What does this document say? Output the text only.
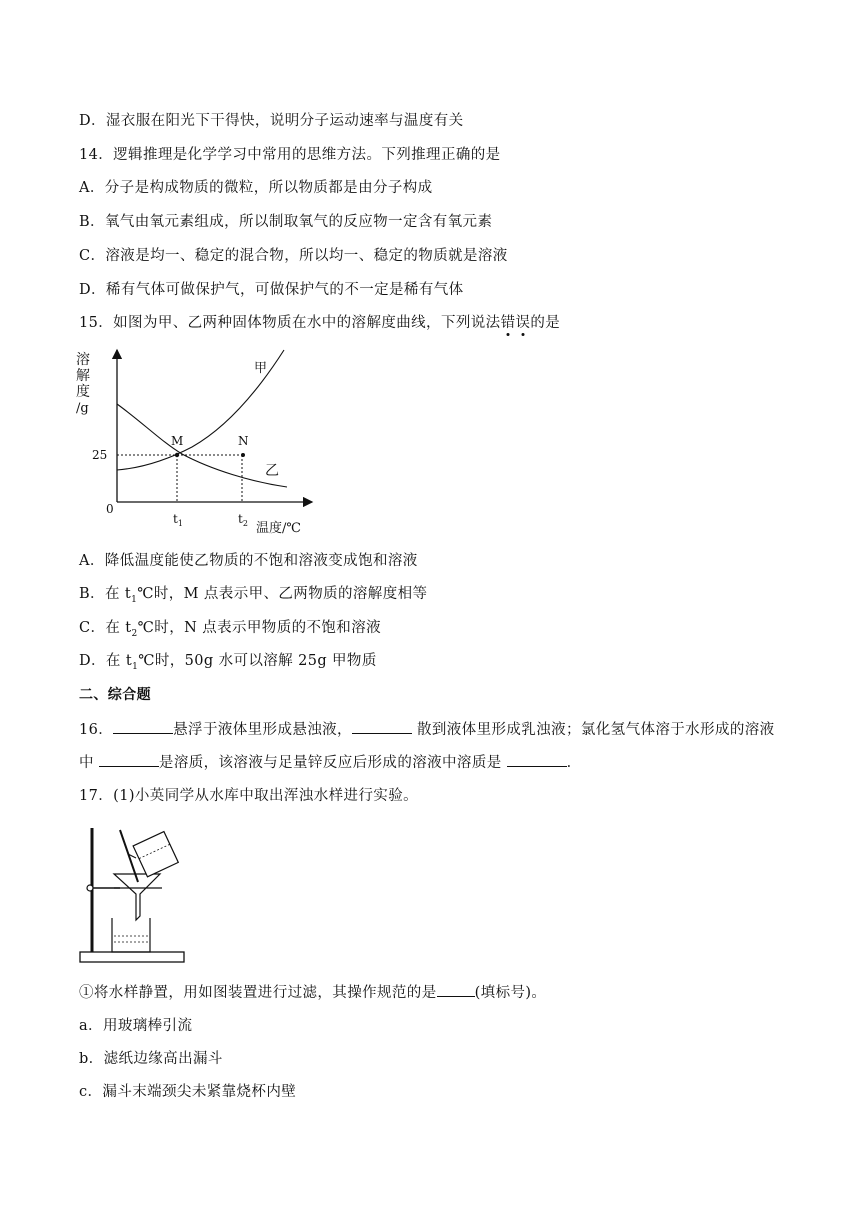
D．湿衣服在阳光下干得快，说明分子运动速率与温度有关
14．逻辑推理是化学学习中常用的思维方法。下列推理正确的是
A．分子是构成物质的微粒，所以物质都是由分子构成
B．氧气由氧元素组成，所以制取氧气的反应物一定含有氧元素
C．溶液是均一、稳定的混合物，所以均一、稳定的物质就是溶液
D．稀有气体可做保护气，可做保护气的不一定是稀有气体
15．如图为甲、乙两种固体物质在水中的溶解度曲线，下列说法错误的是
溶
解
度
/g
0
25
M	N
甲
乙
$t_1$	$t_2$ 温度/℃
A．降低温度能使乙物质的不饱和溶液变成饱和溶液
B．在 $t_1℃$时，M 点表示甲、乙两物质的溶解度相等
C．在 $t_2℃$时，N 点表示甲物质的不饱和溶液
D．在 $t_1℃$时，50g 水可以溶解 25g 甲物质
二、综合题
16．	悬浮于液体里形成悬浊液，	散到液体里形成乳浊液；氯化氢气体溶于水形成的溶液
中	是溶质，该溶液与足量锌反应后形成的溶液中溶质是	．
17．(1)小英同学从水库中取出浑浊水样进行实验。
①将水样静置，用如图装置进行过滤，其操作规范的是	(填标号)。
a．用玻璃棒引流
b．滤纸边缘高出漏斗
c．漏斗末端颈尖未紧靠烧杯内壁
